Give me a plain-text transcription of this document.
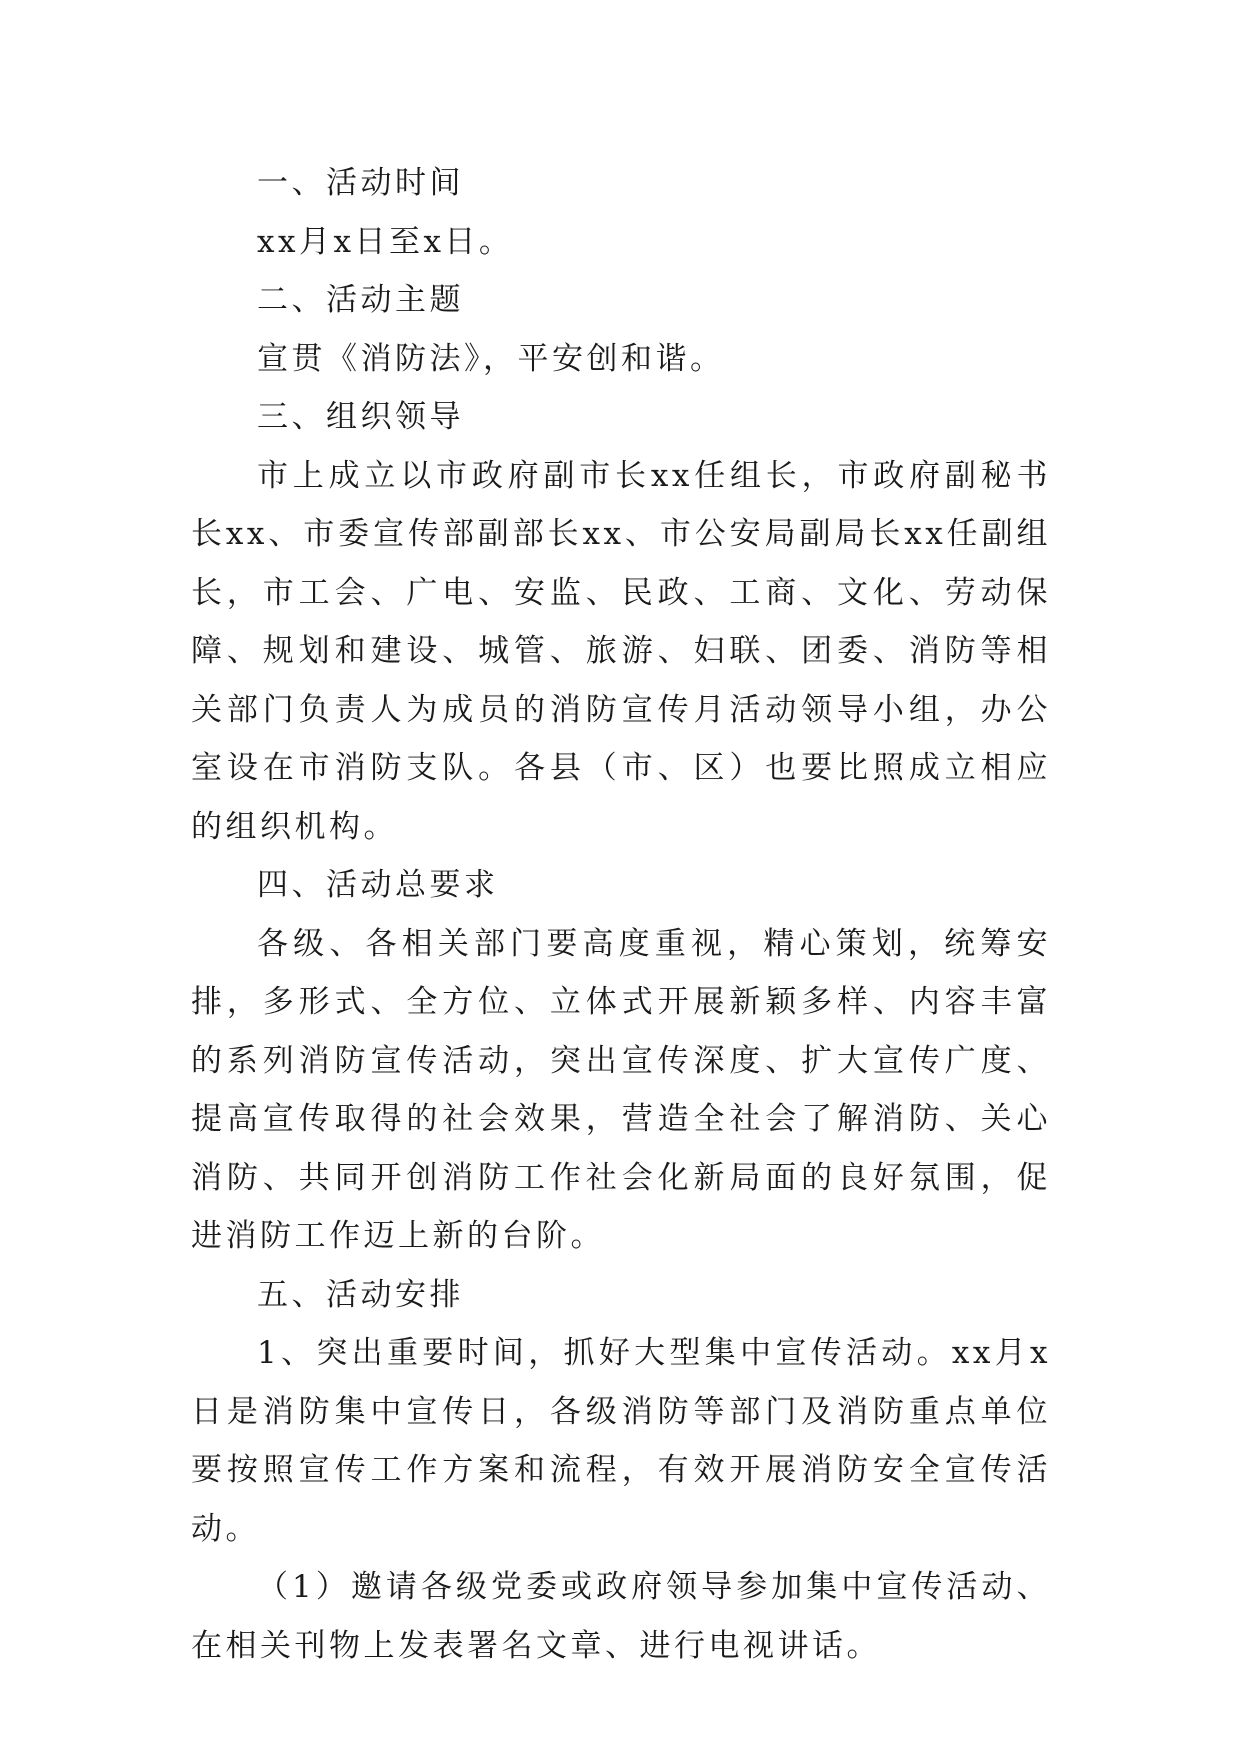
一、活动时间

xx月x日至x日。

二、活动主题

宣贯《消防法》，平安创和谐。

三、组织领导

市上成立以市政府副市长xx任组长，市政府副秘书长xx、市委宣传部副部长xx、市公安局副局长xx任副组长，市工会、广电、安监、民政、工商、文化、劳动保障、规划和建设、城管、旅游、妇联、团委、消防等相关部门负责人为成员的消防宣传月活动领导小组，办公室设在市消防支队。各县（市、区）也要比照成立相应的组织机构。

四、活动总要求

各级、各相关部门要高度重视，精心策划，统筹安排，多形式、全方位、立体式开展新颖多样、内容丰富的系列消防宣传活动，突出宣传深度、扩大宣传广度、提高宣传取得的社会效果，营造全社会了解消防、关心消防、共同开创消防工作社会化新局面的良好氛围，促进消防工作迈上新的台阶。

五、活动安排

1、突出重要时间，抓好大型集中宣传活动。xx月x日是消防集中宣传日，各级消防等部门及消防重点单位要按照宣传工作方案和流程，有效开展消防安全宣传活动。

（1）邀请各级党委或政府领导参加集中宣传活动、在相关刊物上发表署名文章、进行电视讲话。
